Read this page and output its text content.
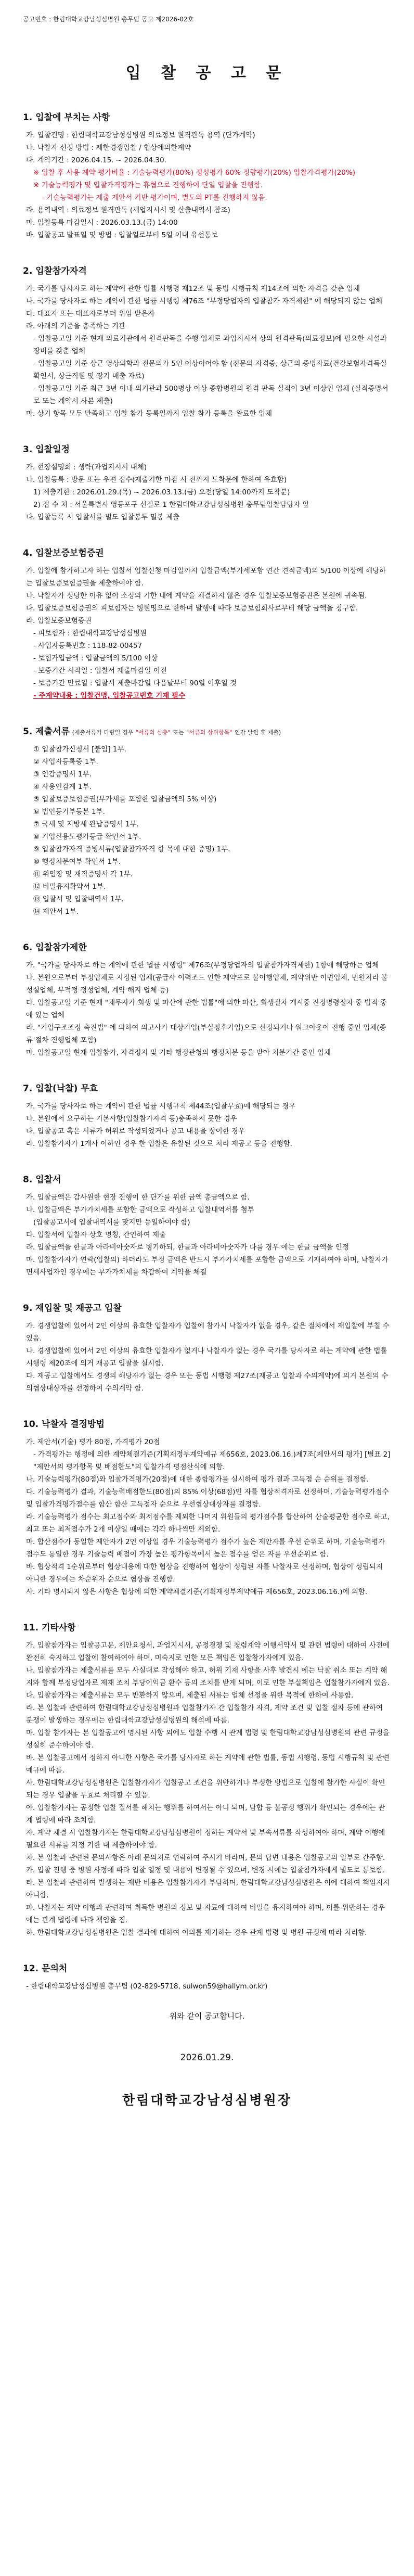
공고번호 : 한림대학교강남성심병원 총무팀 공고 제2026-02호
입 찰 공 고 문
1. 입찰에 부치는 사항

가. 입찰건명 : 한림대학교강남성심병원 의료정보 원격관독 용역 (단가계약)

나. 낙찰자 선정 방법 : 제한경쟁입찰 / 협상에의한계약

다. 계약기간 : 2026.04.15. ~ 2026.04.30.

※ 입찰 후 사용 계약 평가비율 : 기술능력평가(80%) 정성평가 60% 정량평가(20%) 입찰가격평가(20%)

※ 기술능력평가 및 입찰가격평가는 휴협으로 진행하여 단일 입찰을 진행함.

- 기술능력평가는 제출 제안서 기반 평가이며, 별도의 PT를 진행하지 않음.

라. 용역내역 : 의료정보 원격판독 (세업지시서 및 산출내역서 참조)

마. 입찰등록 마감일시 : 2026.03.13.(금) 14:00

바. 입찰공고 발표일 및 방법 : 입찰일로부터 5일 이내 유선통보

2. 입찰참가자격

가. 국가를 당사자로 하는 계약에 관한 법률 시행령 제12조 및 동법 시행규칙 제14조에 의한 자격을 갖춘 업체

나. 국가를 당사자로 하는 계약에 관한 법률 시행령 제76조 "부정당업자의 입찰참가 자격제한" 에 해당되지 않는 업체

다. 대표자 또는 대표자로부터 위임 받은자

라. 아래의 기준을 충족하는 기관

- 입찰공고일 기준 현재 의료기관에서 원격판독을 수행 업체로 과업지시서 상의 원격판독(의료정보)에 필요한 시설과 장비를 갖춘 업체

- 입찰공고일 기준 상근 영상의학과 전문의가 5인 이상이어야 함 (전문의 자격증, 상근의 증빙자료(건강보험자격득실확인서, 상근직원 및 장기 매출 자료)

- 입찰공고일 기준 최근 3년 이내 의기관과 500병상 이상 종합병원의 원격 판독 실적이 3년 이상인 업체 (실적증명서로 또는 계약서 사본 제출)

마. 상기 항목 모두 만족하고 입찰 참가 등록일까지 입찰 참가 등록을 완료한 업체

3. 입찰일정

가. 현장설명회 : 생략(과업지시서 대체)

나. 입찰등록 : 방문 또는 우편 접수(제출기한 마감 시 전까지 도착분에 한하여 유효함)

1) 제출기한 : 2026.01.29.(목) ~ 2026.03.13.(금) 오전(당일 14:00까지 도착분)

2) 접 수 처 : 서울특별시 영등포구 신길로 1 한림대학교강남성심병원 총무팀입찰담당자 앞

다. 입찰등록 시 입찰서를 별도 입찰봉투 밀봉 제출

4. 입찰보증보험증권

가. 입찰에 참가하고자 하는 입찰서 입찰신청 마감일까지 입찰금액(부가세포함 연간 견적금액)의 5/100 이상에 해당하는 입찰보증보험증권을 제출하여야 함.

나. 낙찰자가 정당한 이유 없이 소정의 기한 내에 계약을 체결하지 않은 경우 입찰보증보험증권은 본원에 귀속됨.

다. 입찰보증보험증권의 피보험자는 병원명으로 한하며 발행에 따라 보증보험회사로부터 해당 금액을 청구함.

라. 입찰보증보험증권

- 피보험자 : 한림대학교강남성심병원

- 사업자등록번호 : 118-82-00457

- 보험가입금액 : 입찰금액의 5/100 이상

- 보증기간 시작일 : 입찰서 제출마감일 이전

- 보증기간 만료일 : 입찰서 제출마감일 다음날부터 90일 이후일 것

- 주계약내용 : 입찰건명, 입찰공고번호 기재 필수

5. 제출서류 (제출서류가 다량일 경우 "서류의 심층" 또는 "서류의 상위항목" 인감 날인 후 제출)

① 입찰참가신청서 [붙임] 1부.

② 사업자등록증 1부.

③ 인감증명서 1부.

④ 사용인감계 1부.

⑤ 입찰보증보험증권(부가세를 포함한 입찰금액의 5% 이상)

⑥ 법인등기부등본 1부.

⑦ 국세 및 지방세 완납증명서 1부.

⑧ 기업신용도평가등급 확인서 1부.

⑨ 입찰참가자격 증빙서류(입찰참가자격 항 목에 대한 증명) 1부.

⑩ 행정처분여부 확인서 1부.

⑪ 위임장 및 재직증명서 각 1부.

⑫ 비밀유지확약서 1부.

⑬ 입찰서 및 입찰내역서 1부.

⑭ 제안서 1부.

6. 입찰참가제한

가. "국가를 당사자로 하는 계약에 관한 법률 시행령" 제76조(부정당업자의 입찰참가자격제한) 1항에 해당하는 업체

나. 본원으로부터 부정업체로 지정된 업체(공급사 이력조드 인한 재약포로 불이행업체, 계약위반 이면업체, 민원처리 불성실업체, 부적정 정성업체, 계약 해지 업체 등)

다. 입찰공고일 기준 현재 "채무자가 회생 및 파산에 관한 법률"에 의한 파산, 회생절차 개시중 진정명령절차 중 법적 중에 있는 업체

라. "기업구조조정 촉진법" 에 의하여 의고사가 대상기업(부실징후기업)으로 선정되거나 워크아웃이 진행 중인 업체(종류 절차 진행업체 포함)

마. 입찰공고일 현재 입찰참가, 자격정지 및 기타 행정관청의 행정처분 등을 받아 처분기간 중인 업체

7. 입찰(낙찰) 무효

가. 국가를 당사자로 하는 계약에 관한 법률 시행규칙 제44조(입찰무효)에 해당되는 경우

나. 본원에서 요구하는 기본사항(입찰참가자격 등)충족하지 못한 경우

다. 입찰공고 혹은 서류가 허위로 작성되었거나 공고 내용을 상이한 경우

라. 입찰참가자가 1개사 이하인 경우 한 입찰은 유찰된 것으로 처리 재공고 등을 진행함.

8. 입찰서

가. 입찰금액은 감사원한 현장 진행이 한 단가를 위한 금액 총금액으로 함.

나. 입찰금액은 부가가치세를 포함한 금액으로 작성하고 입찰내역서를 첨부

(입찰공고서에 입찰내역서를 맞지만 등일하여야 함)

다. 입찰서에 입찰자 상호 명칭, 간인하여 제출

라. 입찰금액을 한글과 아라비아숫자로 병기하되, 한글과 아라비아숫자가 다를 경우 에는 한글 금액을 인정

마. 입찰참가자가 연락(입찰의) 하더라도 부정 금액은 반드시 부가가치세를 포함한 금액으로 기재하여야 하며, 낙찰자가 면세사업자인 경우에는 부가가치세를 차감하여 계약을 체결

9. 재입찰 및 재공고 입찰

가. 경쟁입찰에 있어서 2인 이상의 유효한 입찰자가 입찰에 참가시 낙찰자가 없을 경우, 같은 절차에서 재입찰에 부칠 수 있음.

나. 경쟁입찰에 있어서 2인 이상의 유효한 입찰자가 없거나 낙찰자가 없는 경우 국가를 당사자로 하는 계약에 관한 법률 시행령 제20조에 의거 재공고 입찰을 실시함.

다. 재공고 입찰에서도 경쟁의 해당자가 없는 경우 또는 동법 시행령 제27조(재공고 입찰과 수의계약)에 의거 본원의 수의협상대상자를 선정하여 수의계약 함.

10. 낙찰자 결정방법

가. 제안서(기술) 평가 80점, 가격평가 20점

- 가격평가는 행정에 의한 계약체결기준(기획재정부계약예규 제656호, 2023.06.16.)제7조[제안서의 평가] [별표 2] "제안서의 평가항목 및 배점한도"의 입찰가격 평점산식에 의함.

나. 기술능력평가(80점)와 입찰가격평가(20점)에 대한 종합평가를 실시하여 평가 결과 고득점 순 순위를 결정함.

다. 기술능력평가 결과, 기술능력배점한도(80점)의 85% 이상(68점)인 자를 협상적격자로 선정하며, 기술능력평가점수 및 입찰가격평가점수를 합산 합산 고득점자 순으로 우선협상대상자를 결정함.

라. 기술능력평가 점수는 최고점수와 최저점수를 제외한 나머지 위원들의 평가점수를 합산하여 산술평균한 점수로 하고, 최고 또는 최저점수가 2개 이상일 때에는 각각 하나씩만 제외함.

마. 합산점수가 동일한 제안자가 2인 이상일 경우 기술능력평가 점수가 높은 제안자를 우선 순위로 하며, 기술능력평가 점수도 동일한 경우 기술능력 배점이 가장 높은 평가항목에서 높은 점수를 얻은 자를 우선순위로 함.

바. 협상적격 1순위로부터 협상내용에 대한 협상을 진행하여 협상이 성립된 자를 낙찰자로 선정하며, 협상이 성립되지 아니한 경우에는 차순위자 순으로 협상을 진행함.

사. 기타 명시되지 않은 사항은 협상에 의한 계약체결기준(기획재정부계약예규 제656호, 2023.06.16.)에 의함.

11. 기타사항

가. 입찰참가자는 입찰공고문, 제안요청서, 과업지시서, 공정경쟁 및 청렴계약 이행서약서 및 관련 법령에 대하여 사전에 완전히 숙지하고 입찰에 참여하여야 하며, 미숙지로 인한 모든 책임은 입찰참가자에게 있음.

나. 입찰참가자는 제출서류를 모두 사실대로 작성해야 하고, 허위 기재 사항을 사후 발견시 에는 낙찰 취소 또는 계약 해지와 함께 부정당업자로 제재 조치 부당이익금 환수 등의 조치를 받게 되며, 이로 인한 부실책임은 입찰참가자에게 있음.

다. 입찰참가자는 제출서류는 모두 반환하지 않으며, 제출된 서류는 업체 선정을 위한 목적에 한하여 사용함.

라. 본 입찰과 관련하여 한림대학교강남성심병원과 입찰참가자 간 입찰참가 자격, 계약 조건 및 입찰 절차 등에 관하여 분쟁이 발생하는 경우에는 한림대학교강남성심병원의 해석에 따름.

마. 입찰 참가자는 본 입찰공고에 명시된 사항 외에도 입찰 수행 시 관계 법령 및 한림대학교강남성심병원의 관련 규정을 성실히 준수하여야 함.

바. 본 입찰공고에서 정하지 아니한 사항은 국가를 당사자로 하는 계약에 관한 법률, 동법 시행령, 동법 시행규칙 및 관련 예규에 따름.

사. 한림대학교강남성심병원은 입찰참가자가 입찰공고 조건을 위반하거나 부정한 방법으로 입찰에 참가한 사실이 확인되는 경우 입찰을 무효로 처리할 수 있음.

아. 입찰참가자는 공정한 입찰 질서를 해치는 행위를 하여서는 아니 되며, 담합 등 불공정 행위가 확인되는 경우에는 관계 법령에 따라 조치함.

자. 계약 체결 시 입찰참가자는 한림대학교강남성심병원이 정하는 계약서 및 부속서류를 작성하여야 하며, 계약 이행에 필요한 서류를 지정 기한 내 제출하여야 함.

차. 본 입찰과 관련된 문의사항은 아래 문의처로 연락하여 주시기 바라며, 문의 답변 내용은 입찰공고의 일부로 간주함.

카. 입찰 진행 중 병원 사정에 따라 입찰 일정 및 내용이 변경될 수 있으며, 변경 시에는 입찰참가자에게 별도로 통보함.

타. 본 입찰과 관련하여 발생하는 제반 비용은 입찰참가자가 부담하며, 한림대학교강남성심병원은 이에 대하여 책임지지 아니함.

파. 낙찰자는 계약 이행과 관련하여 취득한 병원의 정보 및 자료에 대하여 비밀을 유지하여야 하며, 이를 위반하는 경우에는 관계 법령에 따라 책임을 짐.

하. 한림대학교강남성심병원은 입찰 결과에 대하여 이의를 제기하는 경우 관계 법령 및 병원 규정에 따라 처리함.

12. 문의처

- 한림대학교강남성심병원 총무팀 (02-829-5718, sulwon59@hallym.or.kr)

위와 같이 공고합니다.
2026.01.29.
한림대학교강남성심병원장
